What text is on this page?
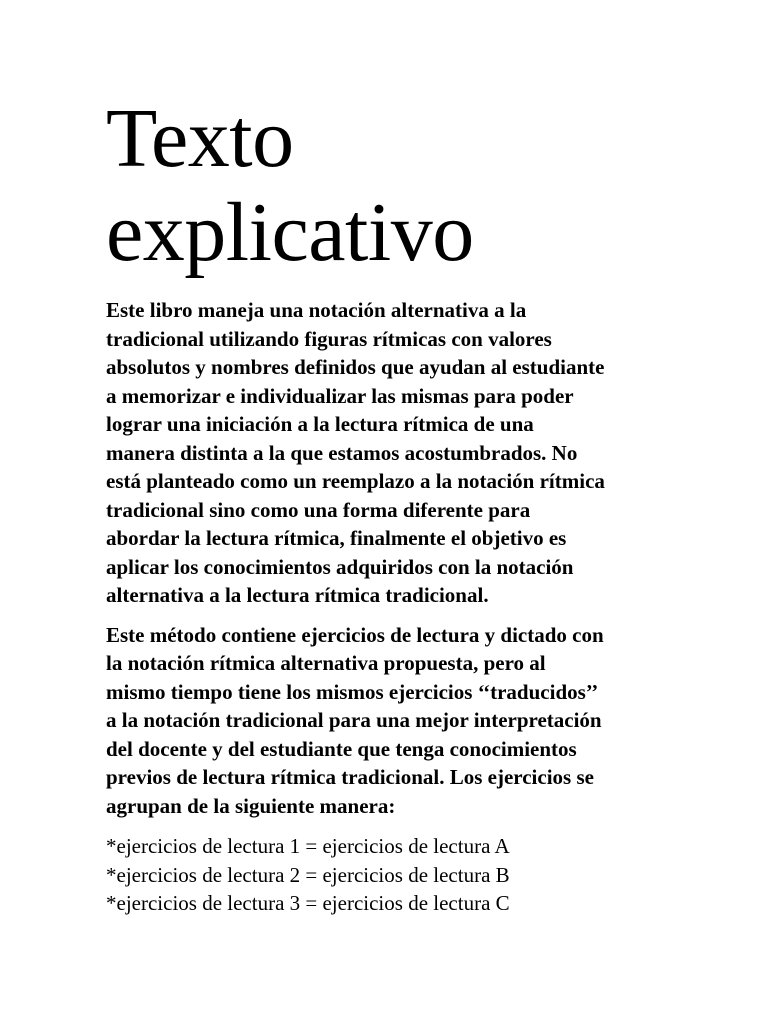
Texto
explicativo

Este libro maneja una notación alternativa a la
tradicional utilizando figuras rítmicas con valores
absolutos y nombres definidos que ayudan al estudiante
a memorizar e individualizar las mismas para poder
lograr una iniciación a la lectura rítmica de una
manera distinta a la que estamos acostumbrados. No
está planteado como un reemplazo a la notación rítmica
tradicional sino como una forma diferente para
abordar la lectura rítmica, finalmente el objetivo es
aplicar los conocimientos adquiridos con la notación
alternativa a la lectura rítmica tradicional.

Este método contiene ejercicios de lectura y dictado con
la notación rítmica alternativa propuesta, pero al
mismo tiempo tiene los mismos ejercicios ‘‘traducidos’’
a la notación tradicional para una mejor interpretación
del docente y del estudiante que tenga conocimientos
previos de lectura rítmica tradicional. Los ejercicios se
agrupan de la siguiente manera:

*ejercicios de lectura 1 = ejercicios de lectura A
*ejercicios de lectura 2 = ejercicios de lectura B
*ejercicios de lectura 3 = ejercicios de lectura C
